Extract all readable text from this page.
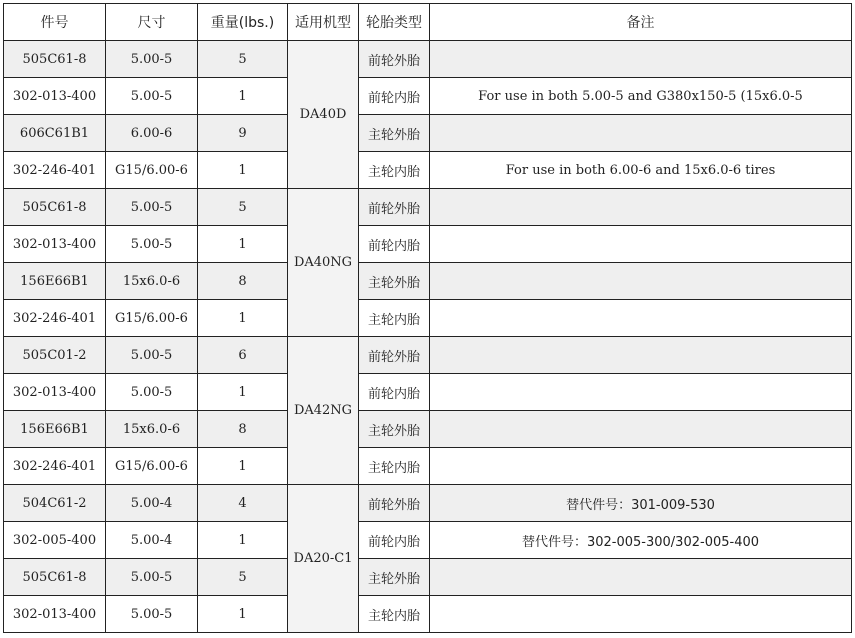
件号	尺寸	重量(lbs.)	适用机型	轮胎类型	备注
505C61-8	5.00-5	5	DA40D	前轮外胎	
302-013-400	5.00-5	1		前轮内胎	For use in both 5.00-5 and G380x150-5 (15x6.0-5
606C61B1	6.00-6	9		主轮外胎	
302-246-401	G15/6.00-6	1		主轮内胎	For use in both 6.00-6 and 15x6.0-6 tires
505C61-8	5.00-5	5	DA40NG	前轮外胎	
302-013-400	5.00-5	1		前轮内胎	
156E66B1	15x6.0-6	8		主轮外胎	
302-246-401	G15/6.00-6	1		主轮内胎	
505C01-2	5.00-5	6	DA42NG	前轮外胎	
302-013-400	5.00-5	1		前轮内胎	
156E66B1	15x6.0-6	8		主轮外胎	
302-246-401	G15/6.00-6	1		主轮内胎	
504C61-2	5.00-4	4	DA20-C1	前轮外胎	替代件号：301-009-530
302-005-400	5.00-4	1		前轮内胎	替代件号：302-005-300/302-005-400
505C61-8	5.00-5	5		主轮外胎	
302-013-400	5.00-5	1		主轮内胎	
